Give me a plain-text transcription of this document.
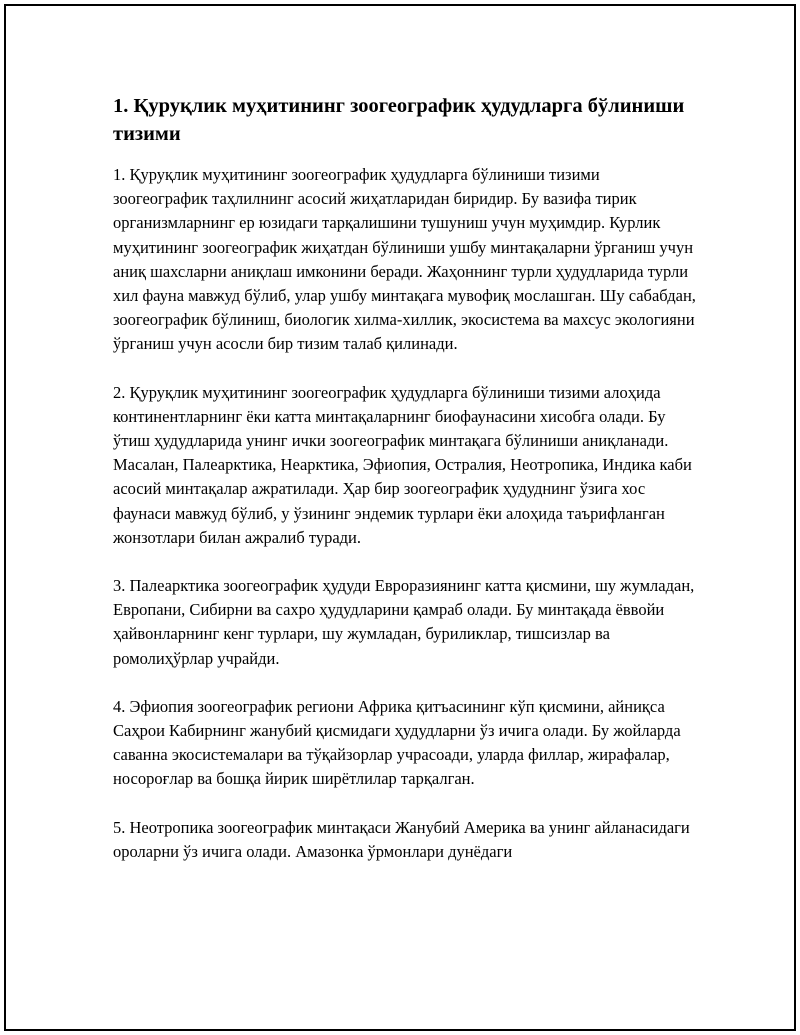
1. Қуруқлик муҳитининг зоогеографик ҳудудларга бўлиниши тизими

1. Қуруқлик муҳитининг зоогеографик ҳудудларга бўлиниши тизими зоогеографик таҳлилнинг асосий жиҳатларидан биридир. Бу вазифа тирик организмларнинг ер юзидаги тарқалишини тушуниш учун муҳимдир. Курлик муҳитининг зоогеографик жиҳатдан бўлиниши ушбу минтақаларни ўрганиш учун аниқ шахсларни аниқлаш имконини беради. Жаҳоннинг турли ҳудудларида турли хил фауна мавжуд бўлиб, улар ушбу минтақага мувофиқ мослашган. Шу сабабдан, зоогеографик бўлиниш, биологик хилма-хиллик, экосистема ва махсус экологияни ўрганиш учун асосли бир тизим талаб қилинади.

2. Қуруқлик муҳитининг зоогеографик ҳудудларга бўлиниши тизими алоҳида континентларнинг ёки катта минтақаларнинг биофаунасини хисобга олади. Бу ўтиш ҳудудларида унинг ички зоогеографик минтақага бўлиниши аниқланади. Масалан, Палеарктика, Неарктика, Эфиопия, Остралия, Неотропика, Индика каби асосий минтақалар ажратилади. Ҳар бир зоогеографик ҳудуднинг ўзига хос фаунаси мавжуд бўлиб, у ўзининг эндемик турлари ёки алоҳида таърифланган жонзотлари билан ажралиб туради.

3. Палеарктика зоогеографик ҳудуди Евроразиянинг катта қисмини, шу жумладан, Европани, Сибирни ва сахро ҳудудларини қамраб олади. Бу минтақада ёввойи ҳайвонларнинг кенг турлари, шу жумладан, буриликлар, тишсизлар ва ромолиҳўрлар учрайди.

4. Эфиопия зоогеографик региони Африка қитъасининг кўп қисмини, айниқса Саҳрои Кабирнинг жанубий қисмидаги ҳудудларни ўз ичига олади. Бу жойларда саванна экосистемалари ва тўқайзорлар учрасоади, уларда филлар, жирафалар, носороғлар ва бошқа йирик ширётлилар тарқалган.

5. Неотропика зоогеографик минтақаси Жанубий Америка ва унинг айланасидаги ороларни ўз ичига олади. Амазонка ўрмонлари дунёдаги
